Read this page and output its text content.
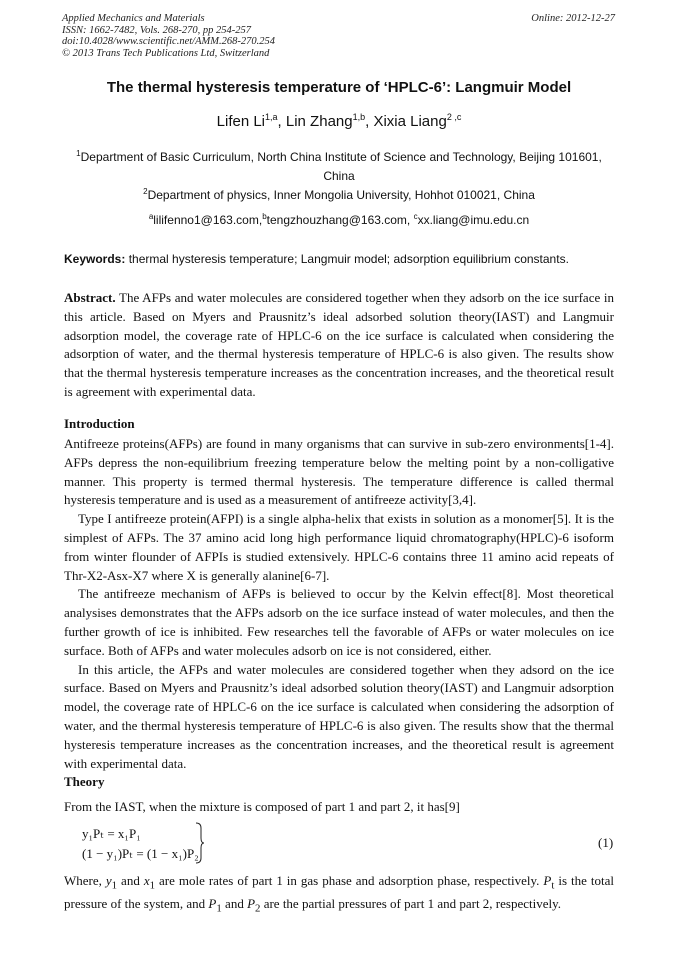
Applied Mechanics and Materials
ISSN: 1662-7482, Vols. 268-270, pp 254-257
doi:10.4028/www.scientific.net/AMM.268-270.254
© 2013 Trans Tech Publications Ltd, Switzerland
Online: 2012-12-27
The thermal hysteresis temperature of ‘HPLC-6’: Langmuir Model
Lifen Li$^{1,a}$, Lin Zhang$^{1,b}$, Xixia Liang$^{2 ,c}$
$^1$Department of Basic Curriculum, North China Institute of Science and Technology, Beijing 101601, China
$^2$Department of physics, Inner Mongolia University, Hohhot 010021, China
$^a$lilifenno1@163.com,$^b$tengzhouzhang@163.com, $^c$xx.liang@imu.edu.cn
Keywords: thermal hysteresis temperature; Langmuir model; adsorption equilibrium constants.
Abstract. The AFPs and water molecules are considered together when they adsorb on the ice surface in this article. Based on Myers and Prausnitz’s ideal adsorbed solution theory(IAST) and Langmuir adsorption model, the coverage rate of HPLC-6 on the ice surface is calculated when considering the adsorption of water, and the thermal hysteresis temperature of HPLC-6 is also given. The results show that the thermal hysteresis temperature increases as the concentration increases, and the theoretical result is agreement with experimental data.
Introduction

Antifreeze proteins(AFPs) are found in many organisms that can survive in sub-zero environments[1-4]. AFPs depress the non-equilibrium freezing temperature below the melting point by a non-colligative manner. This property is termed thermal hysteresis. The temperature difference is called thermal hysteresis temperature and is used as a measurement of antifreeze activity[3,4].

Type I antifreeze protein(AFPI) is a single alpha-helix that exists in solution as a monomer[5]. It is the simplest of AFPs. The 37 amino acid long high performance liquid chromatography(HPLC)-6 isoform from winter flounder of AFPIs is studied extensively. HPLC-6 contains three 11 amino acid repeats of Thr-X2-Asx-X7 where X is generally alanine[6-7].

The antifreeze mechanism of AFPs is believed to occur by the Kelvin effect[8]. Most theoretical analysises demonstrates that the AFPs adsorb on the ice surface instead of water molecules, and then the further growth of ice is inhibited. Few researches tell the favorable of AFPs or water molecules on ice surface. Both of AFPs and water molecules adsorb on ice is not considered, either.

In this article, the AFPs and water molecules are considered together when they adsord on the ice surface. Based on Myers and Prausnitz’s ideal adsorbed solution theory(IAST) and Langmuir adsorption model, the coverage rate of HPLC-6 on the ice surface is calculated when considering the adsorption of water, and the thermal hysteresis temperature of HPLC-6 is also given. The results show that the thermal hysteresis temperature increases as the concentration increases, and the theoretical result is agreement with experimental data.

Theory
From the IAST, when the mixture is composed of part 1 and part 2, it has[9]
y₁Pₜ = x₁P₁
(1 − y₁)Pₜ = (1 − x₁)P₂
(1)
Where, $y_1$ and $x_1$ are mole rates of part 1 in gas phase and adsorption phase, respectively. $P_t$ is the total pressure of the system, and $P_1$ and $P_2$ are the partial pressures of part 1 and part 2, respectively.
